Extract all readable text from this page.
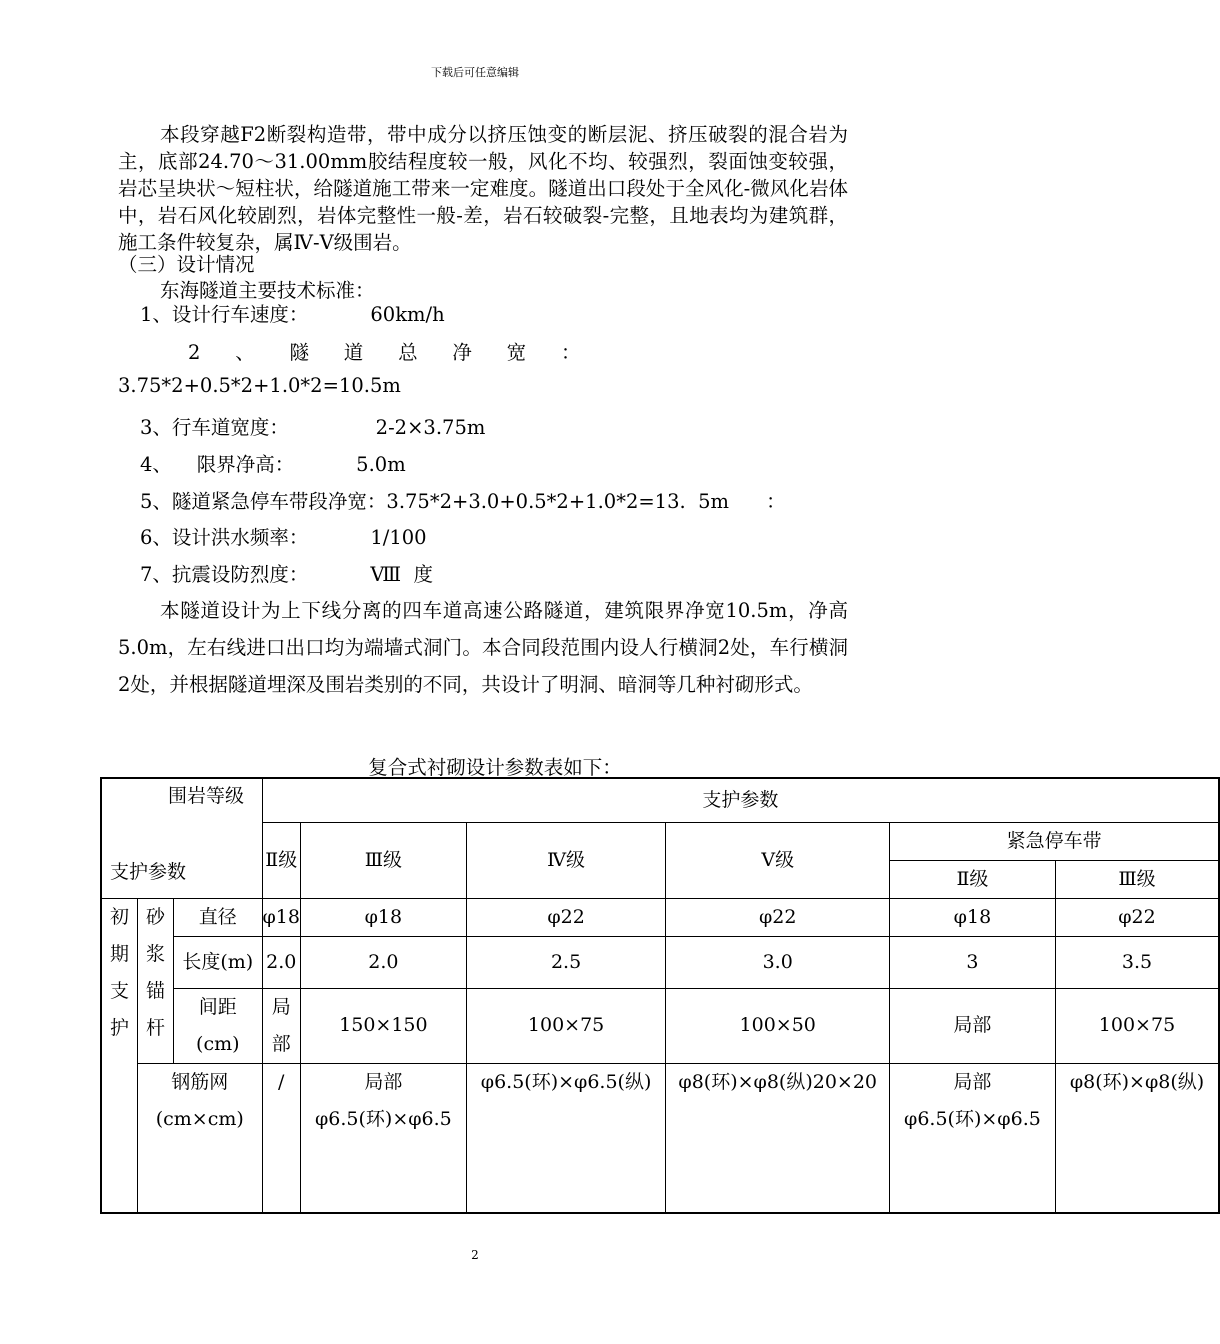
下载后可任意编辑

本段穿越F2断裂构造带，带中成分以挤压蚀变的断层泥、挤压破裂的混合岩为主，底部24.70～31.00mm胶结程度较一般，风化不均、较强烈，裂面蚀变较强，岩芯呈块状～短柱状，给隧道施工带来一定难度。隧道出口段处于全风化-微风化岩体中，岩石风化较剧烈，岩体完整性一般-差，岩石较破裂-完整，且地表均为建筑群，施工条件较复杂，属Ⅳ-Ⅴ级围岩。

（三）设计情况
东海隧道主要技术标准：
1、设计行车速度：          60km/h
2    、    隧    道    总    净    宽    ：
3.75*2+0.5*2+1.0*2=10.5m
3、行车道宽度：              2-2×3.75m
4、    限界净高：          5.0m
5、隧道紧急停车带段净宽：3.75*2+3.0+0.5*2+1.0*2=13.  5m      ：
6、设计洪水频率：          1/100
7、抗震设防烈度：          Ⅷ  度

本隧道设计为上下线分离的四车道高速公路隧道，建筑限界净宽10.5m，净高5.0m，左右线进口出口均为端墙式洞门。本合同段范围内设人行横洞2处，车行横洞2处，并根据隧道埋深及围岩类别的不同，共设计了明洞、暗洞等几种衬砌形式。

复合式衬砌设计参数表如下：
围岩等级
支护参数			支护参数					
			Ⅱ级	Ⅲ级	Ⅳ级	Ⅴ级	紧急停车带	
							Ⅱ级	Ⅲ级
初期支护	砂浆锚杆	直径	φ18	φ18	φ22	φ22	φ18	φ22
		长度(m)	2.0	2.0	2.5	3.0	3	3.5
		间距(cm)	局部	150×150	100×75	100×50	局部	100×75
	钢筋网(cm×cm)		/	局部φ6.5(环)×φ6.5	φ6.5(环)×φ6.5(纵)	φ8(环)×φ8(纵)20×20	局部φ6.5(环)×φ6.5	φ8(环)×φ8(纵)
2
